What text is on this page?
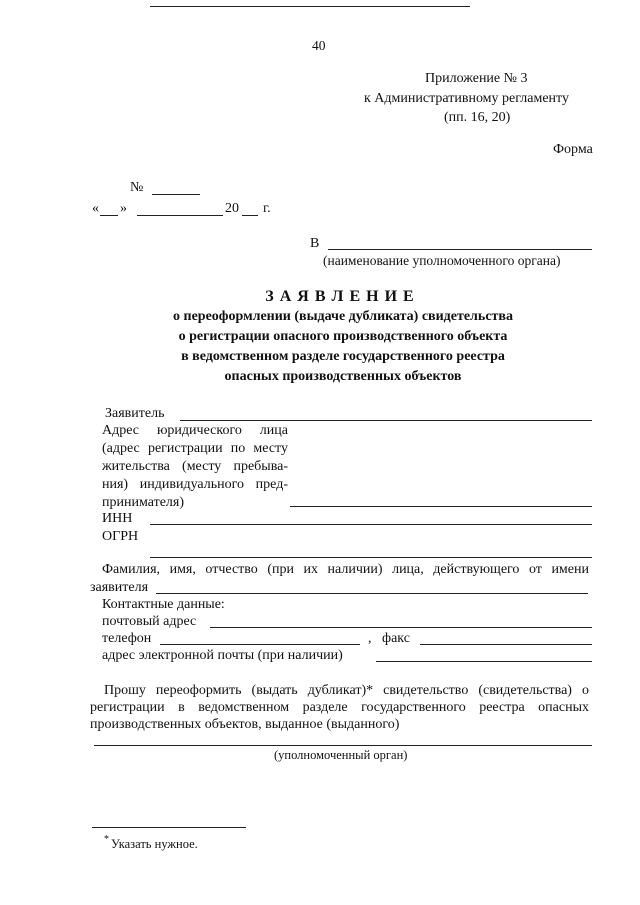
40
Приложение № 3
к Административному регламенту
(пп. 16, 20)
Форма
№
« »	20 г.
В
(наименование уполномоченного органа)
З А Я В Л Е Н И Е
о переоформлении (выдаче дубликата) свидетельства
о регистрации опасного производственного объекта
в ведомственном разделе государственного реестра
опасных производственных объектов
Заявитель
Адрес юридического лица
(адрес регистрации по месту
жительства (месту пребыва-
ния) индивидуального пред-
принимателя)
ИНН
ОГРН
Фамилия, имя, отчество (при их наличии) лица, действующего от имени
заявителя
Контактные данные:
почтовый адрес
телефон	, факс
адрес электронной почты (при наличии)
Прошу переоформить (выдать дубликат)* свидетельство (свидетельства) о
регистрации в ведомственном разделе государственного реестра опасных
производственных объектов, выданное (выданного)
(уполномоченный орган)
* Указать нужное.
